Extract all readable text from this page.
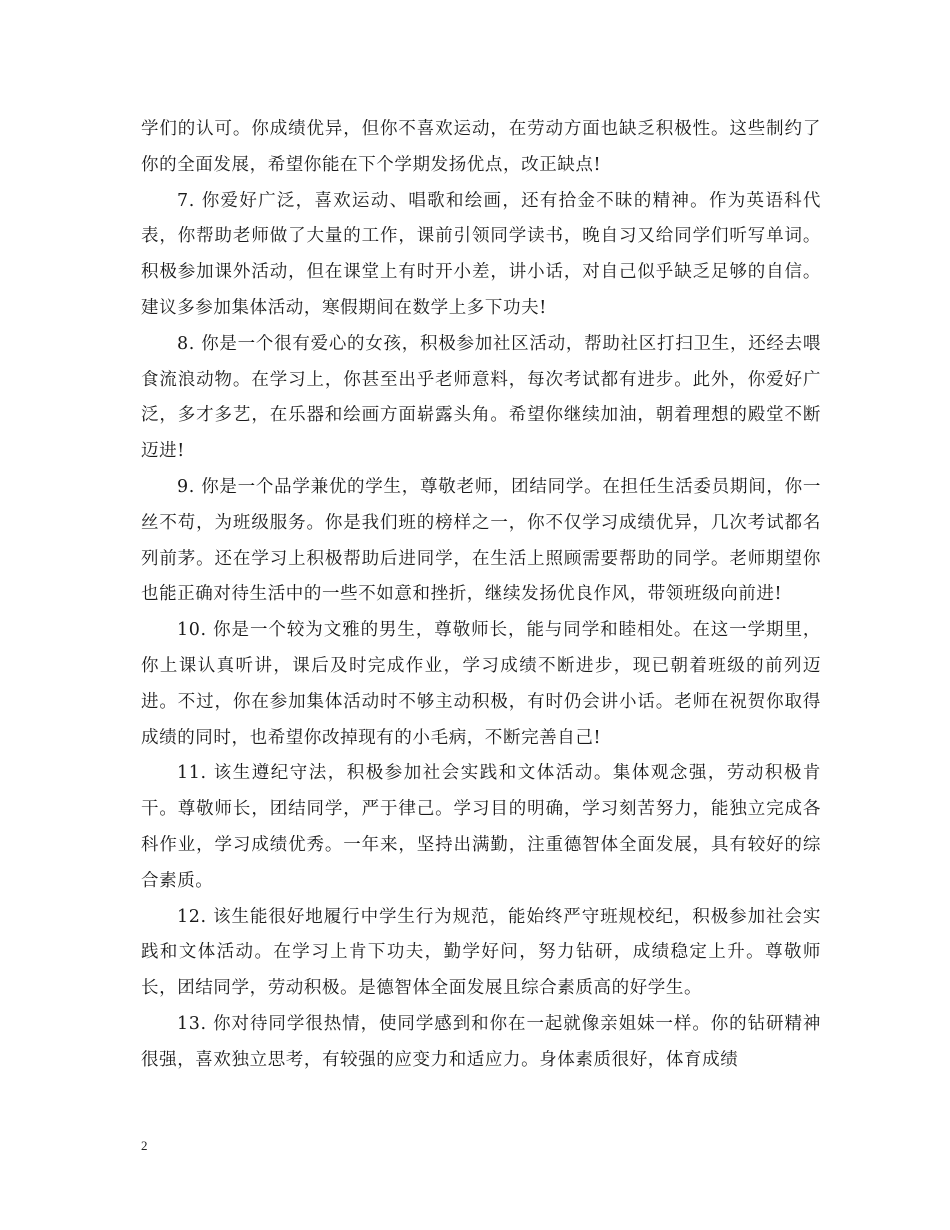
学们的认可。你成绩优异，但你不喜欢运动，在劳动方面也缺乏积极性。这些制约了你的全面发展，希望你能在下个学期发扬优点，改正缺点!

7. 你爱好广泛，喜欢运动、唱歌和绘画，还有拾金不昧的精神。作为英语科代表，你帮助老师做了大量的工作，课前引领同学读书，晚自习又给同学们听写单词。积极参加课外活动，但在课堂上有时开小差，讲小话，对自己似乎缺乏足够的自信。建议多参加集体活动，寒假期间在数学上多下功夫!

8. 你是一个很有爱心的女孩，积极参加社区活动，帮助社区打扫卫生，还经去喂食流浪动物。在学习上，你甚至出乎老师意料，每次考试都有进步。此外，你爱好广泛，多才多艺，在乐器和绘画方面崭露头角。希望你继续加油，朝着理想的殿堂不断迈进!

9. 你是一个品学兼优的学生，尊敬老师，团结同学。在担任生活委员期间，你一丝不苟，为班级服务。你是我们班的榜样之一，你不仅学习成绩优异，几次考试都名列前茅。还在学习上积极帮助后进同学，在生活上照顾需要帮助的同学。老师期望你也能正确对待生活中的一些不如意和挫折，继续发扬优良作风，带领班级向前进!

10. 你是一个较为文雅的男生，尊敬师长，能与同学和睦相处。在这一学期里，你上课认真听讲，课后及时完成作业，学习成绩不断进步，现已朝着班级的前列迈进。不过，你在参加集体活动时不够主动积极，有时仍会讲小话。老师在祝贺你取得成绩的同时，也希望你改掉现有的小毛病，不断完善自己!

11. 该生遵纪守法，积极参加社会实践和文体活动。集体观念强，劳动积极肯干。尊敬师长，团结同学，严于律己。学习目的明确，学习刻苦努力，能独立完成各科作业，学习成绩优秀。一年来，坚持出满勤，注重德智体全面发展，具有较好的综合素质。

12. 该生能很好地履行中学生行为规范，能始终严守班规校纪，积极参加社会实践和文体活动。在学习上肯下功夫，勤学好问，努力钻研，成绩稳定上升。尊敬师长，团结同学，劳动积极。是德智体全面发展且综合素质高的好学生。

13. 你对待同学很热情，使同学感到和你在一起就像亲姐妹一样。你的钻研精神很强，喜欢独立思考，有较强的应变力和适应力。身体素质很好，体育成绩

2
